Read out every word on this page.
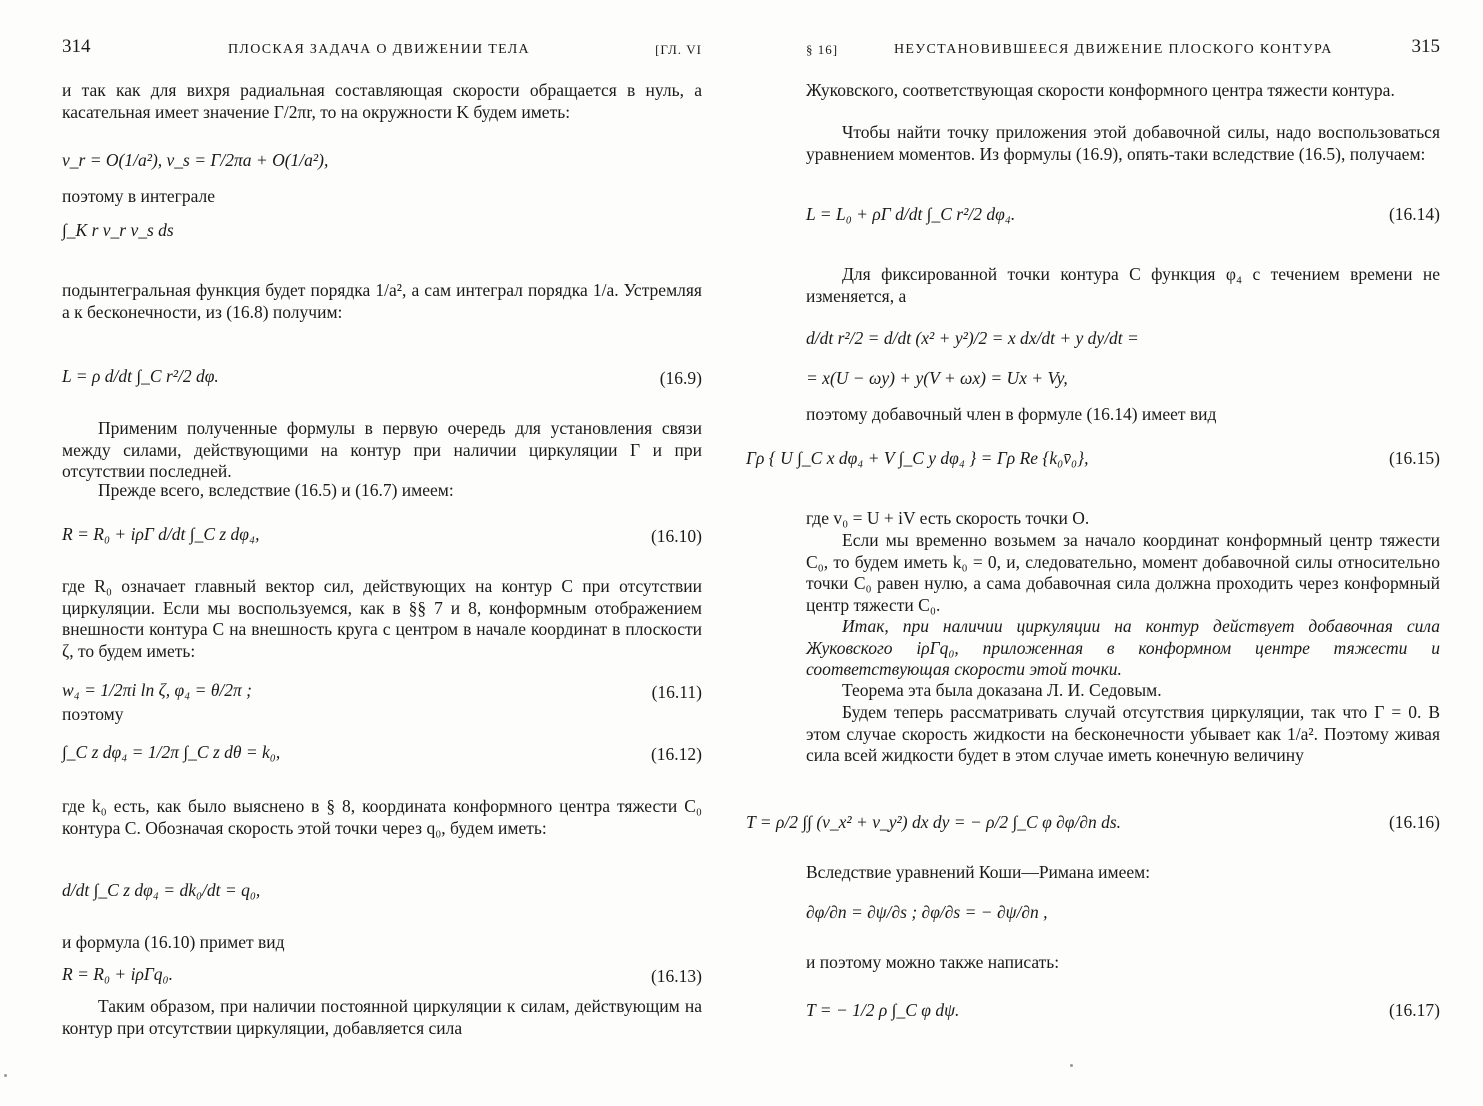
314	ПЛОСКАЯ ЗАДАЧА О ДВИЖЕНИИ ТЕЛА	[ГЛ. VI

и так как для вихря радиальная составляющая скорости обращается в нуль, а касательная имеет значение Γ/2πr, то на окружности K будем иметь:

v_r = O(1/a²), v_s = Γ/2πa + O(1/a²),

поэтому в интеграле

∫_K r v_r v_s ds

подынтегральная функция будет порядка 1/a², а сам интеграл порядка 1/a. Устремляя a к бесконечности, из (16.8) получим:

L = ρ d/dt ∫_C r²/2 dφ.	(16.9)

Применим полученные формулы в первую очередь для установления связи между силами, действующими на контур при наличии циркуляции Γ и при отсутствии последней.

Прежде всего, вследствие (16.5) и (16.7) имеем:

R = R₀ + iρΓ d/dt ∫_C z dφ₄,	(16.10)

где R₀ означает главный вектор сил, действующих на контур C при отсутствии циркуляции. Если мы воспользуемся, как в §§ 7 и 8, конформным отображением внешности контура C на внешность круга с центром в начале координат в плоскости ζ, то будем иметь:

w₄ = 1/2πi ln ζ, φ₄ = θ/2π ;	(16.11)

поэтому

∫_C z dφ₄ = 1/2π ∫_C z dθ = k₀,	(16.12)

где k₀ есть, как было выяснено в § 8, координата конформного центра тяжести C₀ контура C. Обозначая скорость этой точки через q₀, будем иметь:

d/dt ∫_C z dφ₄ = dk₀/dt = q₀,

и формула (16.10) примет вид

R = R₀ + iρΓq₀.	(16.13)

Таким образом, при наличии постоянной циркуляции к силам, действующим на контур при отсутствии циркуляции, добавляется сила

§ 16]	НЕУСТАНОВИВШЕЕСЯ ДВИЖЕНИЕ ПЛОСКОГО КОНТУРА	315

Жуковского, соответствующая скорости конформного центра тяжести контура.

Чтобы найти точку приложения этой добавочной силы, надо воспользоваться уравнением моментов. Из формулы (16.9), опять-таки вследствие (16.5), получаем:

L = L₀ + ρΓ d/dt ∫_C r²/2 dφ₄.	(16.14)

Для фиксированной точки контура C функция φ₄ с течением времени не изменяется, а

d/dt r²/2 = d/dt (x² + y²)/2 = x dx/dt + y dy/dt =

= x(U − ωy) + y(V + ωx) = Ux + Vy,

поэтому добавочный член в формуле (16.14) имеет вид

Γρ { U ∫_C x dφ₄ + V ∫_C y dφ₄ } = Γρ Re {k₀v̄₀},	(16.15)

где v₀ = U + iV есть скорость точки O.

Если мы временно возьмем за начало координат конформный центр тяжести C₀, то будем иметь k₀ = 0, и, следовательно, момент добавочной силы относительно точки C₀ равен нулю, а сама добавочная сила должна проходить через конформный центр тяжести C₀.

Итак, при наличии циркуляции на контур действует добавочная сила Жуковского iρΓq₀, приложенная в конформном центре тяжести и соответствующая скорости этой точки.

Теорема эта была доказана Л. И. Седовым.

Будем теперь рассматривать случай отсутствия циркуляции, так что Γ = 0. В этом случае скорость жидкости на бесконечности убывает как 1/a². Поэтому живая сила всей жидкости будет в этом случае иметь конечную величину

T = ρ/2 ∫∫ (v_x² + v_y²) dx dy = − ρ/2 ∫_C φ ∂φ/∂n ds.	(16.16)

Вследствие уравнений Коши—Римана имеем:

∂φ/∂n = ∂ψ/∂s ; ∂φ/∂s = − ∂ψ/∂n ,

и поэтому можно также написать:

T = − 1/2 ρ ∫_C φ dψ.	(16.17)
